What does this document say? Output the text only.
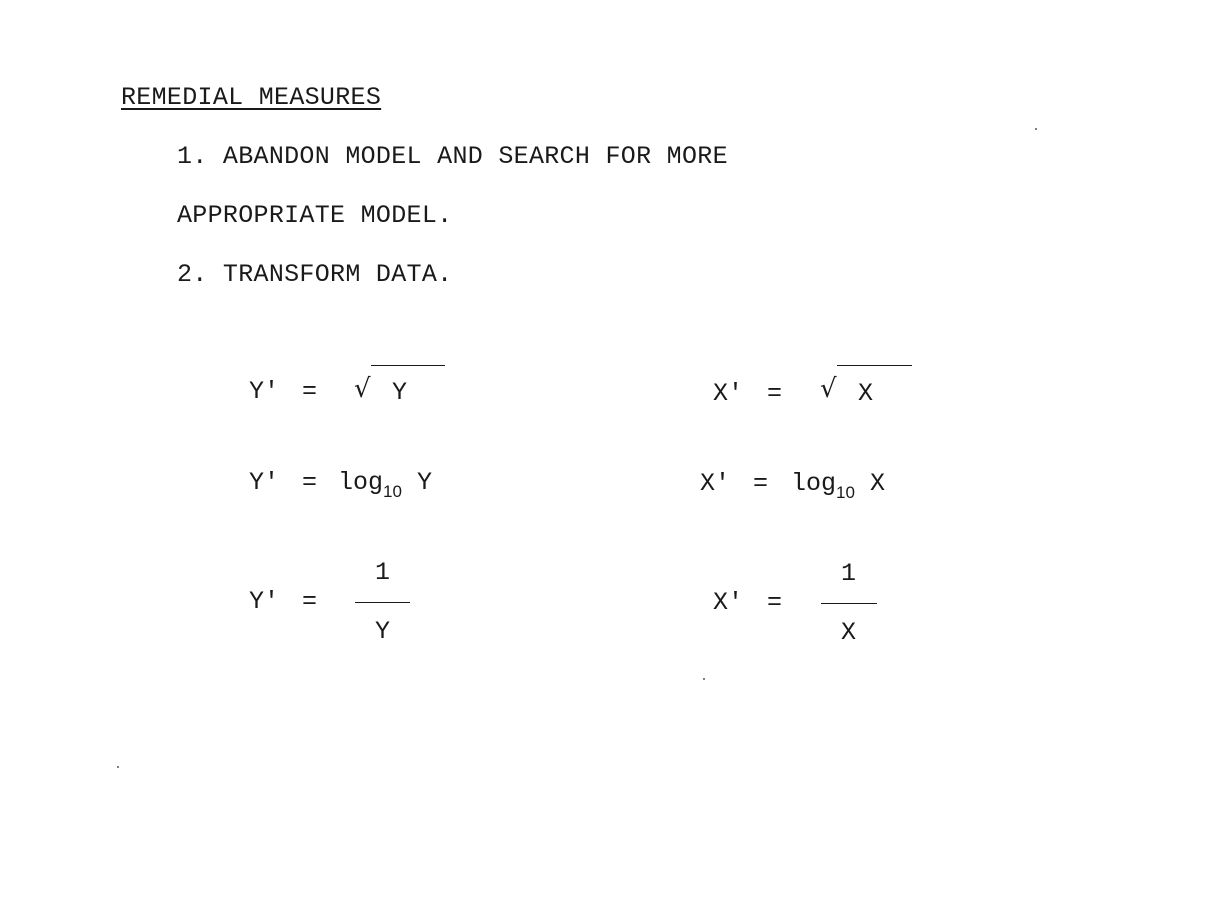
REMEDIAL MEASURES
1. ABANDON MODEL AND SEARCH FOR MORE
APPROPRIATE MODEL.
2. TRANSFORM DATA.
Y' = √ Y
$Y' = \log_{10} Y$
Y' =
1
Y
X' = √ X
$X' = \log_{10} X$
X' =
1
X
